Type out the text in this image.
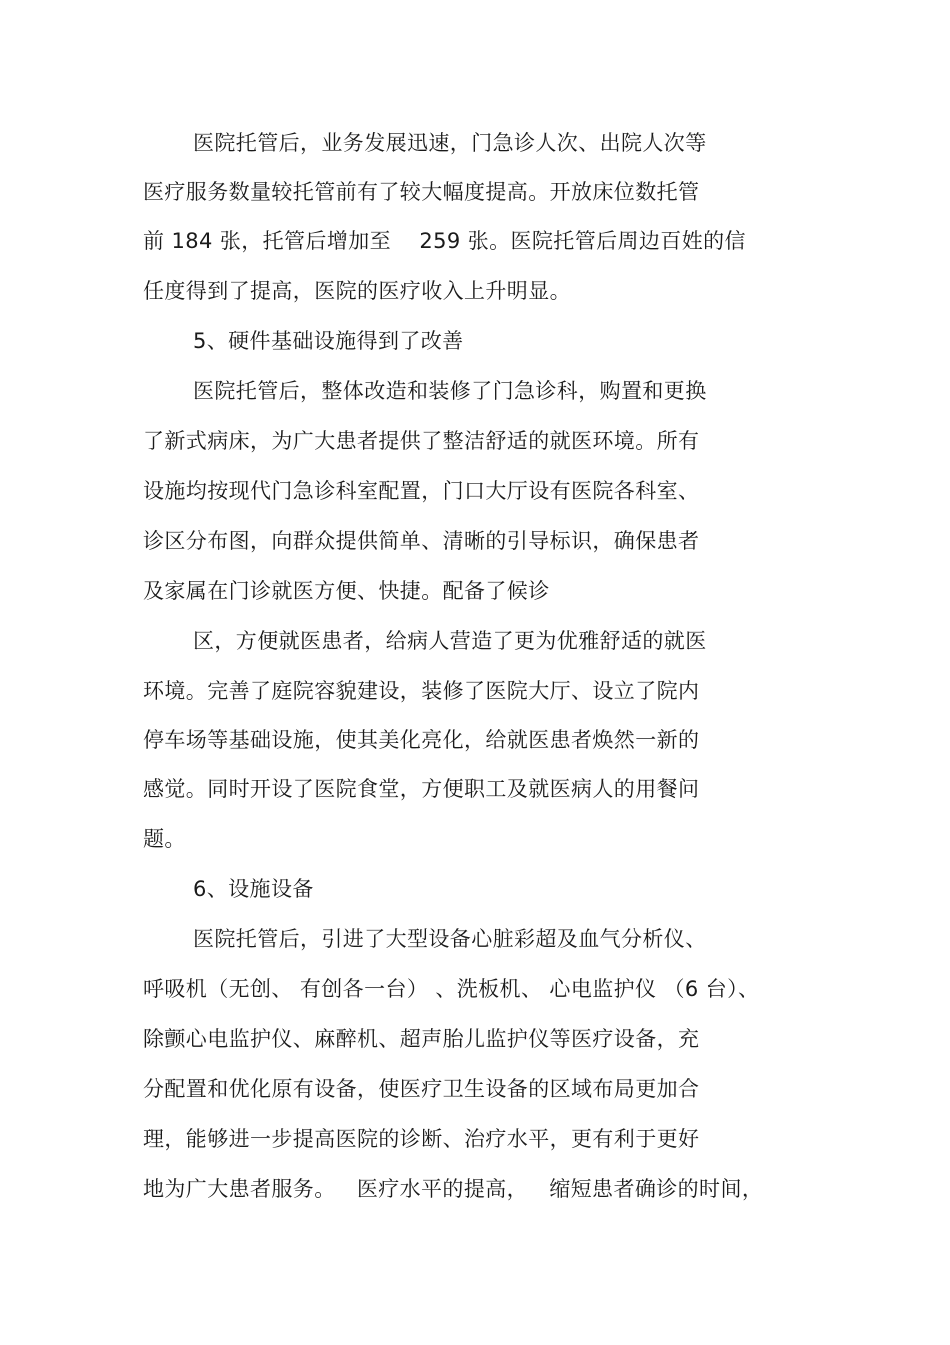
医院托管后，业务发展迅速，门急诊人次、出院人次等
医疗服务数量较托管前有了较大幅度提高。开放床位数托管
前 184 张，托管后增加至    259 张。医院托管后周边百姓的信
任度得到了提高，医院的医疗收入上升明显。
5、硬件基础设施得到了改善
医院托管后，整体改造和装修了门急诊科，购置和更换
了新式病床，为广大患者提供了整洁舒适的就医环境。所有
设施均按现代门急诊科室配置，门口大厅设有医院各科室、
诊区分布图，向群众提供简单、清晰的引导标识，确保患者
及家属在门诊就医方便、快捷。配备了候诊
区，方便就医患者，给病人营造了更为优雅舒适的就医
环境。完善了庭院容貌建设，装修了医院大厅、设立了院内
停车场等基础设施，使其美化亮化，给就医患者焕然一新的
感觉。同时开设了医院食堂，方便职工及就医病人的用餐问
题。
6、设施设备
医院托管后，引进了大型设备心脏彩超及血气分析仪、
呼吸机（无创、 有创各一台） 、洗板机、 心电监护仪 （6 台）、
除颤心电监护仪、麻醉机、超声胎儿监护仪等医疗设备，充
分配置和优化原有设备，使医疗卫生设备的区域布局更加合
理，能够进一步提高医院的诊断、治疗水平，更有利于更好
地为广大患者服务。   医疗水平的提高，   缩短患者确诊的时间，
